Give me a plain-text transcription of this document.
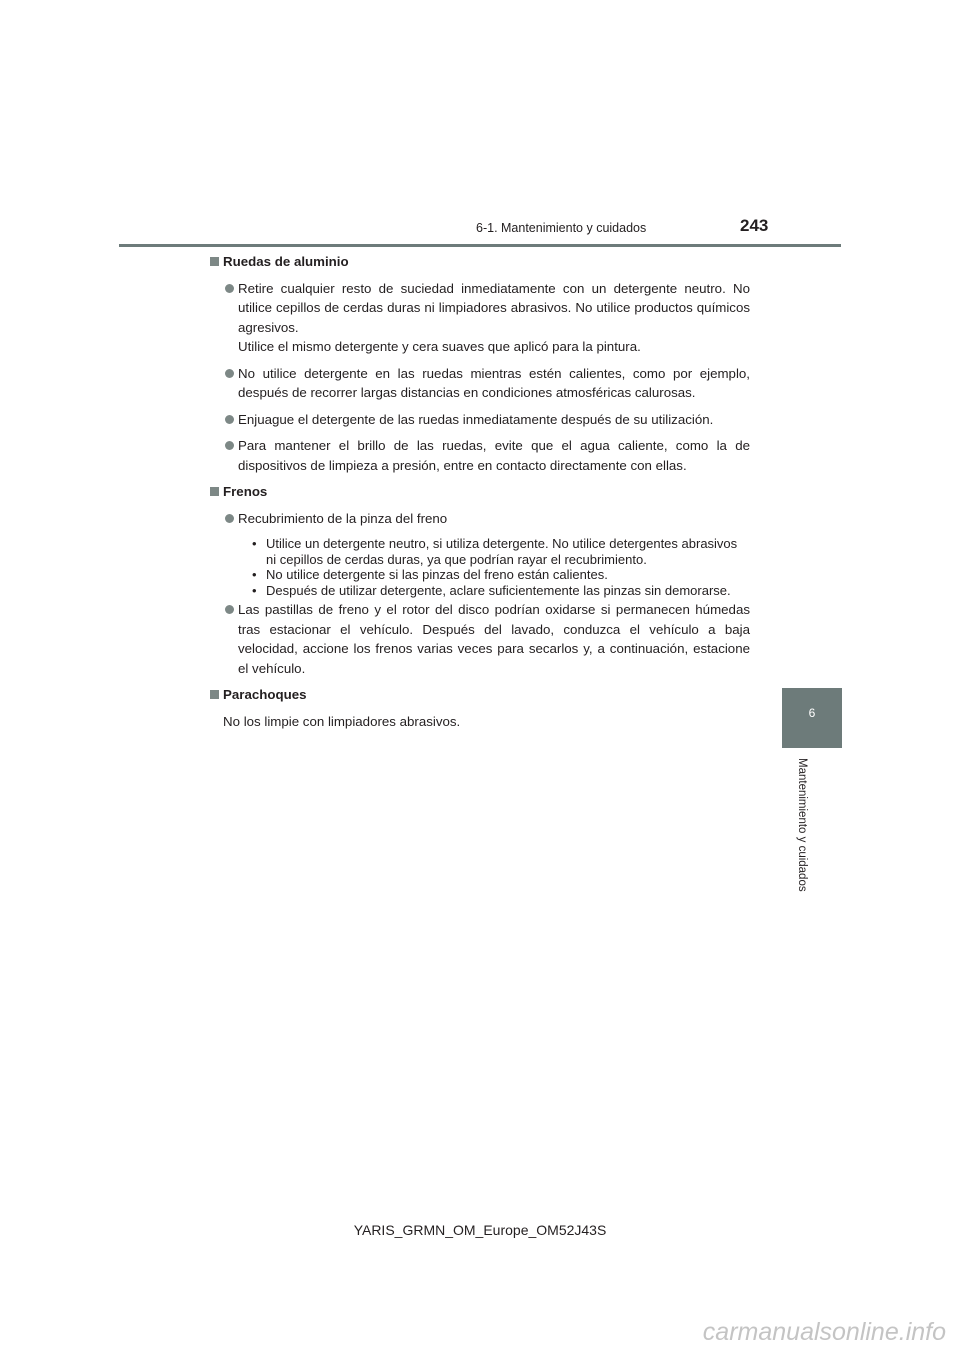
6-1. Mantenimiento y cuidados	243
6
Mantenimiento y cuidados
Ruedas de aluminio

Retire cualquier resto de suciedad inmediatamente con un detergente neutro. No utilice cepillos de cerdas duras ni limpiadores abrasivos. No utilice productos químicos agresivos.

Utilice el mismo detergente y cera suaves que aplicó para la pintura.

No utilice detergente en las ruedas mientras estén calientes, como por ejemplo, después de recorrer largas distancias en condiciones atmosféricas calurosas.

Enjuague el detergente de las ruedas inmediatamente después de su utilización.

Para mantener el brillo de las ruedas, evite que el agua caliente, como la de dispositivos de limpieza a presión, entre en contacto directamente con ellas.

Frenos

Recubrimiento de la pinza del freno

• Utilice un detergente neutro, si utiliza detergente. No utilice detergentes abrasivos ni cepillos de cerdas duras, ya que podrían rayar el recubrimiento.
• No utilice detergente si las pinzas del freno están calientes.
• Después de utilizar detergente, aclare suficientemente las pinzas sin demorarse.

Las pastillas de freno y el rotor del disco podrían oxidarse si permanecen húmedas tras estacionar el vehículo. Después del lavado, conduzca el vehículo a baja velocidad, accione los frenos varias veces para secarlos y, a continuación, estacione el vehículo.

Parachoques
No los limpie con limpiadores abrasivos.
YARIS_GRMN_OM_Europe_OM52J43S
carmanualsonline.info
